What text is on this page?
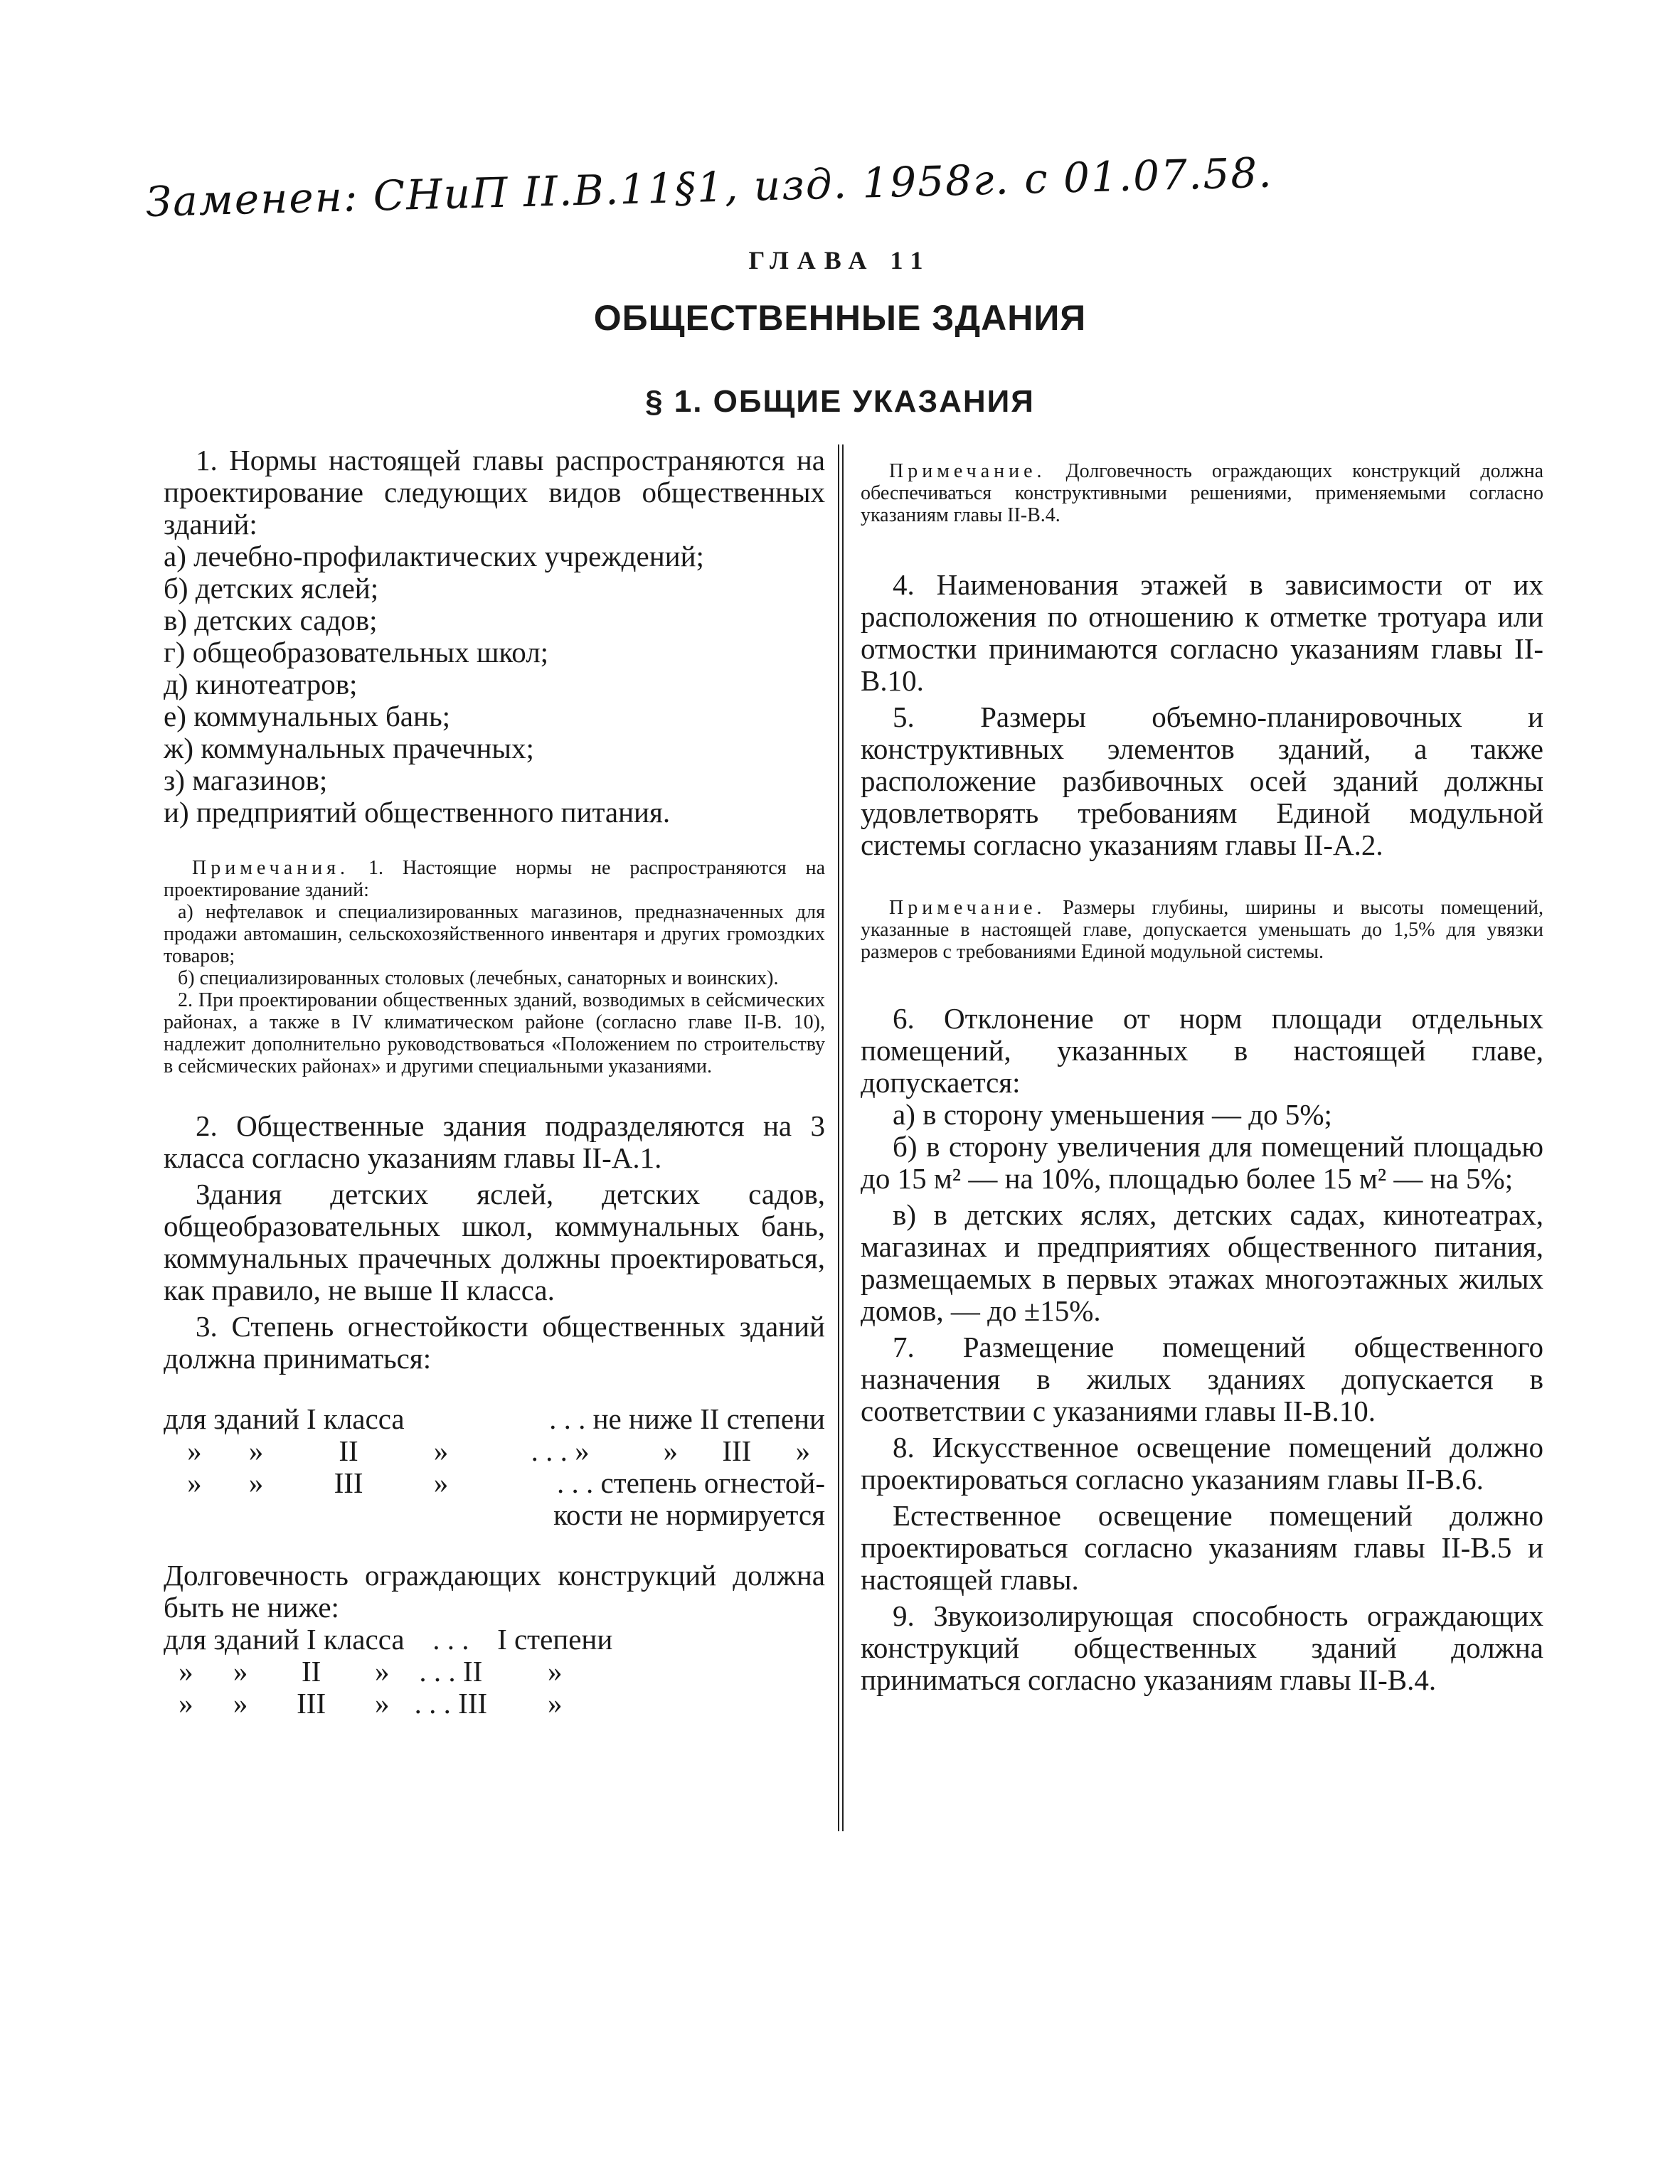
Заменен: СНиП II.В.11§1, изд. 1958г. с 01.07.58.
ГЛАВА 11
ОБЩЕСТВЕННЫЕ ЗДАНИЯ
§ 1. ОБЩИЕ УКАЗАНИЯ

1. Нормы настоящей главы распространяются на проектирование следующих видов общественных зданий:

а) лечебно-профилактических учреждений;
б) детских яслей;
в) детских садов;
г) общеобразовательных школ;
д) кинотеатров;
е) коммунальных бань;
ж) коммунальных прачечных;
з) магазинов;
и) предприятий общественного питания.

Примечания. 1. Настоящие нормы не распространяются на проектирование зданий:

а) нефтелавок и специализированных магазинов, предназначенных для продажи автомашин, сельскохозяйственного инвентаря и других громоздких товаров;

б) специализированных столовых (лечебных, санаторных и воинских).

2. При проектировании общественных зданий, возводимых в сейсмических районах, а также в IV климатическом районе (согласно главе II-В. 10), надлежит дополнительно руководствоваться «Положением по строительству в сейсмических районах» и другими специальными указаниями.

2. Общественные здания подразделяются на 3 класса согласно указаниям главы II-А.1.

Здания детских яслей, детских садов, общеобразовательных школ, коммунальных бань, коммунальных прачечных должны проектироваться, как правило, не выше II класса.

3. Степень огнестойкости общественных зданий должна приниматься:

для зданий I класса				. . . не ниже II степени			
»	»	II	»	. . . »	»	III	»
»	»	III	»	. . . степень огнестой-			
кости не нормируется							

Долговечность ограждающих конструкций должна быть не ниже:

для зданий I класса				. . .	I степени
»	»	II	»	. . . II	»
»	»	III	»	. . . III	»

Примечание. Долговечность ограждающих конструкций должна обеспечиваться конструктивными решениями, применяемыми согласно указаниям главы II-В.4.

4. Наименования этажей в зависимости от их расположения по отношению к отметке тротуара или отмостки принимаются согласно указаниям главы II-В.10.

5. Размеры объемно-планировочных и конструктивных элементов зданий, а также расположение разбивочных осей зданий должны удовлетворять требованиям Единой модульной системы согласно указаниям главы II-А.2.

Примечание. Размеры глубины, ширины и высоты помещений, указанные в настоящей главе, допускается уменьшать до 1,5% для увязки размеров с требованиями Единой модульной системы.

6. Отклонение от норм площади отдельных помещений, указанных в настоящей главе, допускается:

а) в сторону уменьшения — до 5%;

б) в сторону увеличения для помещений площадью до 15 м² — на 10%, площадью более 15 м² — на 5%;

в) в детских яслях, детских садах, кинотеатрах, магазинах и предприятиях общественного питания, размещаемых в первых этажах многоэтажных жилых домов, — до ±15%.

7. Размещение помещений общественного назначения в жилых зданиях допускается в соответствии с указаниями главы II-В.10.

8. Искусственное освещение помещений должно проектироваться согласно указаниям главы II-В.6.

Естественное освещение помещений должно проектироваться согласно указаниям главы II-В.5 и настоящей главы.

9. Звукоизолирующая способность ограждающих конструкций общественных зданий должна приниматься согласно указаниям главы II-В.4.
